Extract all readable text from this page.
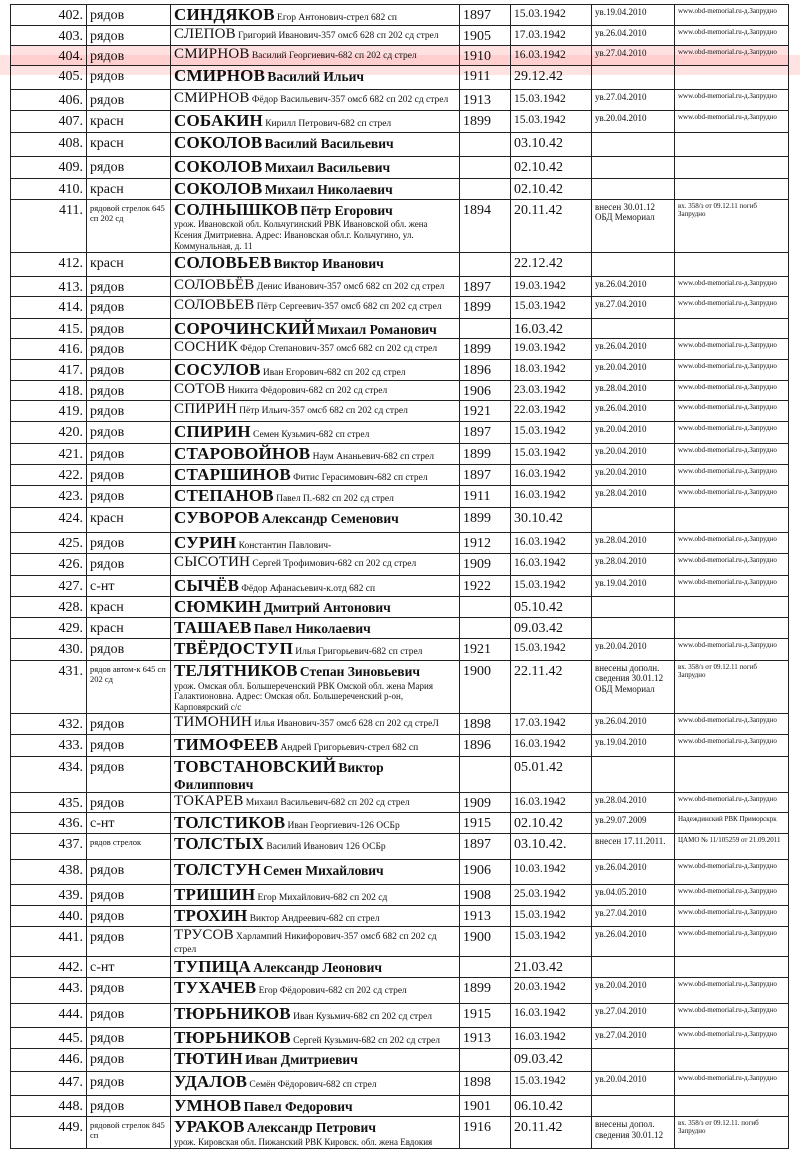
402.	рядов	СИНДЯКОВ Егор Антонович-стрел 682 сп	1897	15.03.1942	ув.19.04.2010	www.obd-memorial.ru-д.Запрудно
403.	рядов	СЛЕПОВ Григорий Иванович-357 омсб 628 сп 202 сд стрел	1905	17.03.1942	ув.26.04.2010	www.obd-memorial.ru-д.Запрудно
404.	рядов	СМИРНОВ Василий Георгиевич-682 сп 202 сд стрел	1910	16.03.1942	ув.27.04.2010	www.obd-memorial.ru-д.Запрудно
405.	рядов	СМИРНОВ Василий Ильич	1911	29.12.42		
406.	рядов	СМИРНОВ Фёдор Васильевич-357 омсб 682 сп 202 сд стрел	1913	15.03.1942	ув.27.04.2010	www.obd-memorial.ru-д.Запрудно
407.	красн	СОБАКИН Кирилл Петрович-682 сп стрел	1899	15.03.1942	ув.20.04.2010	www.obd-memorial.ru-д.Запрудно
408.	красн	СОКОЛОВ Василий Васильевич		03.10.42		
409.	рядов	СОКОЛОВ Михаил Васильевич		02.10.42		
410.	красн	СОКОЛОВ Михаил Николаевич		02.10.42		
411.	рядовой стрелок 645 сп 202 сд	СОЛНЫШКОВ Пётр Егорович
урож. Ивановской обл. Кольчугинский РВК Ивановской обл. жена Ксения Дмитриевна. Адрес: Ивановская обл.г. Кольчугино, ул. Коммунальная, д. 11	1894	20.11.42	внесен 30.01.12 ОБД Мемориал	вх. 358/з от 09.12.11 погиб Запрудно
412.	красн	СОЛОВЬЕВ Виктор Иванович		22.12.42		
413.	рядов	СОЛОВЬЁВ Денис Иванович-357 омсб 682 сп 202 сд стрел	1897	19.03.1942	ув.26.04.2010	www.obd-memorial.ru-д.Запрудно
414.	рядов	СОЛОВЬЕВ Пётр Сергеевич-357 омсб 682 сп 202 сд стрел	1899	15.03.1942	ув.27.04.2010	www.obd-memorial.ru-д.Запрудно
415.	рядов	СОРОЧИНСКИЙ Михаил Романович		16.03.42		
416.	рядов	СОСНИК Фёдор Степанович-357 омсб 682 сп 202 сд стрел	1899	19.03.1942	ув.26.04.2010	www.obd-memorial.ru-д.Запрудно
417.	рядов	СОСУЛОВ Иван Егорович-682 сп 202 сд стрел	1896	18.03.1942	ув.20.04.2010	www.obd-memorial.ru-д.Запрудно
418.	рядов	СОТОВ Никита Фёдорович-682 сп 202 сд стрел	1906	23.03.1942	ув.28.04.2010	www.obd-memorial.ru-д.Запрудно
419.	рядов	СПИРИН Пётр Ильич-357 омсб 682 сп 202 сд стрел	1921	22.03.1942	ув.26.04.2010	www.obd-memorial.ru-д.Запрудно
420.	рядов	СПИРИН Семен Кузьмич-682 сп стрел	1897	15.03.1942	ув.20.04.2010	www.obd-memorial.ru-д.Запрудно
421.	рядов	СТАРОВОЙНОВ Наум Ананьевич-682 сп стрел	1899	15.03.1942	ув.20.04.2010	www.obd-memorial.ru-д.Запрудно
422.	рядов	СТАРШИНОВ Фитис Герасимович-682 сп стрел	1897	16.03.1942	ув.20.04.2010	www.obd-memorial.ru-д.Запрудно
423.	рядов	СТЕПАНОВ Павел П.-682 сп 202 сд стрел	1911	16.03.1942	ув.28.04.2010	www.obd-memorial.ru-д.Запрудно
424.	красн	СУВОРОВ Александр Семенович	1899	30.10.42		
425.	рядов	СУРИН Константин Павлович-	1912	16.03.1942	ув.28.04.2010	www.obd-memorial.ru-д.Запрудно
426.	рядов	СЫСОТИН Сергей Трофимович-682 сп 202 сд стрел	1909	16.03.1942	ув.28.04.2010	www.obd-memorial.ru-д.Запрудно
427.	с-нт	СЫЧЁВ Фёдор Афанасьевич-к.отд 682 сп	1922	15.03.1942	ув.19.04.2010	www.obd-memorial.ru-д.Запрудно
428.	красн	СЮМКИН Дмитрий Антонович		05.10.42		
429.	красн	ТАШАЕВ Павел Николаевич		09.03.42		
430.	рядов	ТВЁРДОСТУП Илья Григорьевич-682 сп стрел	1921	15.03.1942	ув.20.04.2010	www.obd-memorial.ru-д.Запрудно
431.	рядов автом-к 645 сп 202 сд	ТЕЛЯТНИКОВ Степан Зиновьевич
урож. Омская обл. Большереченский РВК Омской обл. жена Мария Галактионовна. Адрес: Омская обл. Большереченский р-он, Карповярский с/с	1900	22.11.42	внесены дополн. сведения 30.01.12 ОБД Мемориал	вх. 358/з от 09.12.11 погиб Запрудно
432.	рядов	ТИМОНИН Илья Иванович-357 омсб 628 сп 202 сд стреЛ	1898	17.03.1942	ув.26.04.2010	www.obd-memorial.ru-д.Запрудно
433.	рядов	ТИМОФЕЕВ Андрей Григорьевич-стрел 682 сп	1896	16.03.1942	ув.19.04.2010	www.obd-memorial.ru-д.Запрудно
434.	рядов	ТОВСТАНОВСКИЙ Виктор Филиппович		05.01.42		
435.	рядов	ТОКАРЕВ Михаил Васильевич-682 сп 202 сд стрел	1909	16.03.1942	ув.28.04.2010	www.obd-memorial.ru-д.Запрудно
436.	с-нт	ТОЛСТИКОВ Иван Георгиевич-126 ОСБр	1915	02.10.42	ув.29.07.2009	Надеждинский РВК Приморскрк
437.	рядов стрелок	ТОЛСТЫХ Василий Иванович 126 ОСБр	1897	03.10.42.	внесен 17.11.2011.	ЦАМО № 11/105259 от 21.09.2011
438.	рядов	ТОЛСТУН Семен Михайлович	1906	10.03.1942	ув.26.04.2010	www.obd-memorial.ru-д.Запрудно
439.	рядов	ТРИШИН Егор Михайлович-682 сп 202 сд	1908	25.03.1942	ув.04.05.2010	www.obd-memorial.ru-д.Запрудно
440.	рядов	ТРОХИН Виктор Андреевич-682 сп стрел	1913	15.03.1942	ув.27.04.2010	www.obd-memorial.ru-д.Запрудно
441.	рядов	ТРУСОВ Харлампий Никифорович-357 омсб 682 сп 202 сд стрел	1900	15.03.1942	ув.26.04.2010	www.obd-memorial.ru-д.Запрудно
442.	с-нт	ТУПИЦА Александр Леонович		21.03.42		
443.	рядов	ТУХАЧЕВ Егор Фёдорович-682 сп 202 сд стрел	1899	20.03.1942	ув.20.04.2010	www.obd-memorial.ru-д.Запрудно
444.	рядов	ТЮРЬНИКОВ Иван Кузьмич-682 сп 202 сд стрел	1915	16.03.1942	ув.27.04.2010	www.obd-memorial.ru-д.Запрудно
445.	рядов	ТЮРЬНИКОВ Сергей Кузьмич-682 сп 202 сд стрел	1913	16.03.1942	ув.27.04.2010	www.obd-memorial.ru-д.Запрудно
446.	рядов	ТЮТИН Иван Дмитриевич		09.03.42		
447.	рядов	УДАЛОВ Семён Фёдорович-682 сп стрел	1898	15.03.1942	ув.20.04.2010	www.obd-memorial.ru-д.Запрудно
448.	рядов	УМНОВ Павел Федорович	1901	06.10.42		
449.	рядовой стрелок 845 сп	УРАКОВ Александр Петрович
урож. Кировская обл. Пижанский РВК Кировск. обл. жена Евдокия	1916	20.11.42	внесены допол. сведения 30.01.12	вх. 358/з от 09.12.11. погиб Запрудно
